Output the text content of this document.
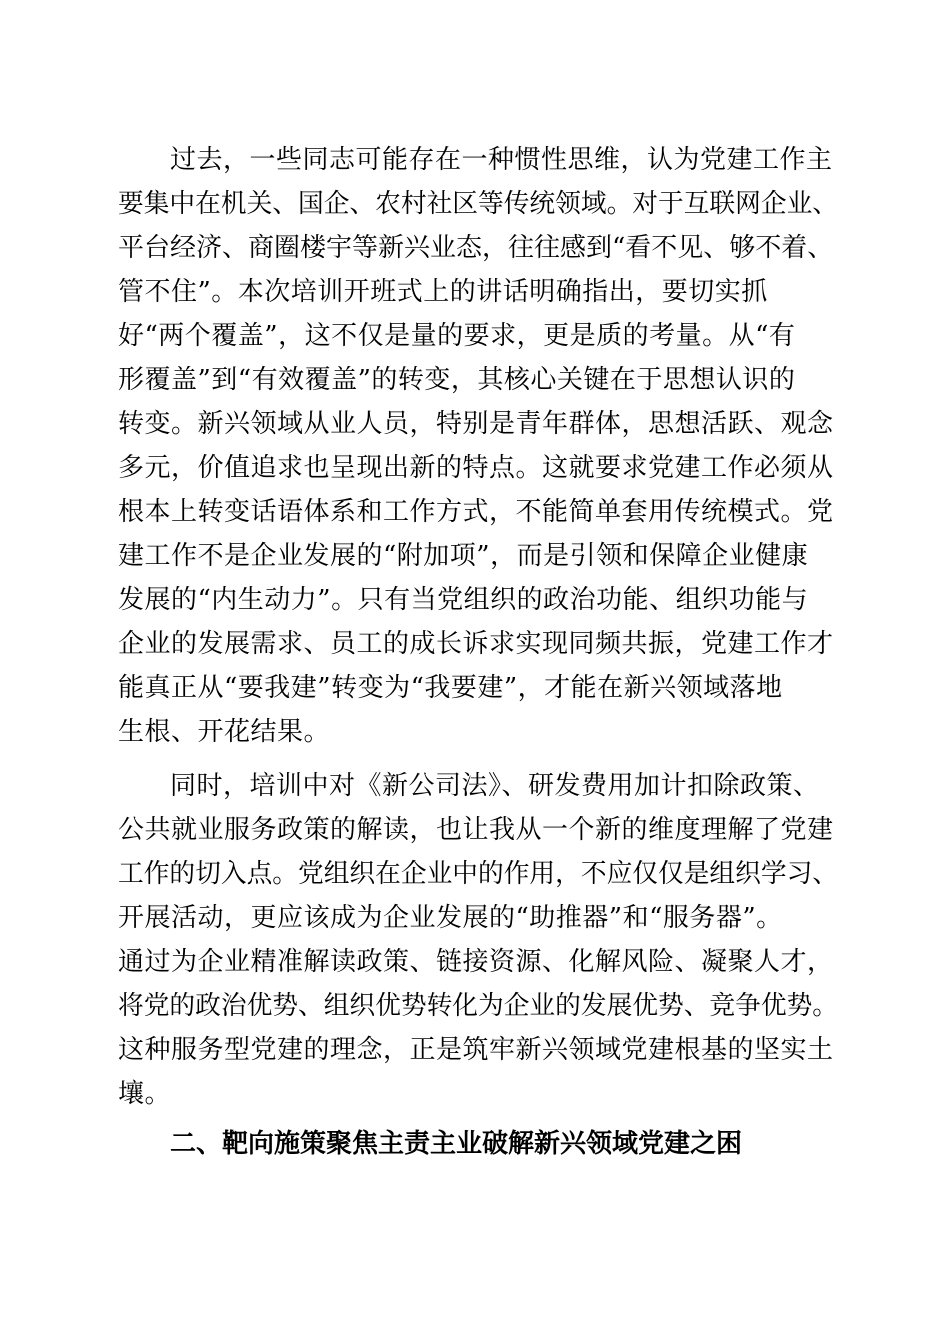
过去，一些同志可能存在一种惯性思维，认为党建工作主
要集中在机关、国企、农村社区等传统领域。对于互联网企业、
平台经济、商圈楼宇等新兴业态，往往感到“看不见、够不着、
管不住”。本次培训开班式上的讲话明确指出，要切实抓
好“两个覆盖”，这不仅是量的要求，更是质的考量。从“有
形覆盖”到“有效覆盖”的转变，其核心关键在于思想认识的
转变。新兴领域从业人员，特别是青年群体，思想活跃、观念
多元，价值追求也呈现出新的特点。这就要求党建工作必须从
根本上转变话语体系和工作方式，不能简单套用传统模式。党
建工作不是企业发展的“附加项”，而是引领和保障企业健康
发展的“内生动力”。只有当党组织的政治功能、组织功能与
企业的发展需求、员工的成长诉求实现同频共振，党建工作才
能真正从“要我建”转变为“我要建”，才能在新兴领域落地
生根、开花结果。
同时，培训中对《新公司法》、研发费用加计扣除政策、
公共就业服务政策的解读，也让我从一个新的维度理解了党建
工作的切入点。党组织在企业中的作用，不应仅仅是组织学习、
开展活动，更应该成为企业发展的“助推器”和“服务器”。
通过为企业精准解读政策、链接资源、化解风险、凝聚人才，
将党的政治优势、组织优势转化为企业的发展优势、竞争优势。
这种服务型党建的理念，正是筑牢新兴领域党建根基的坚实土
壤。
二、靶向施策聚焦主责主业破解新兴领域党建之困
